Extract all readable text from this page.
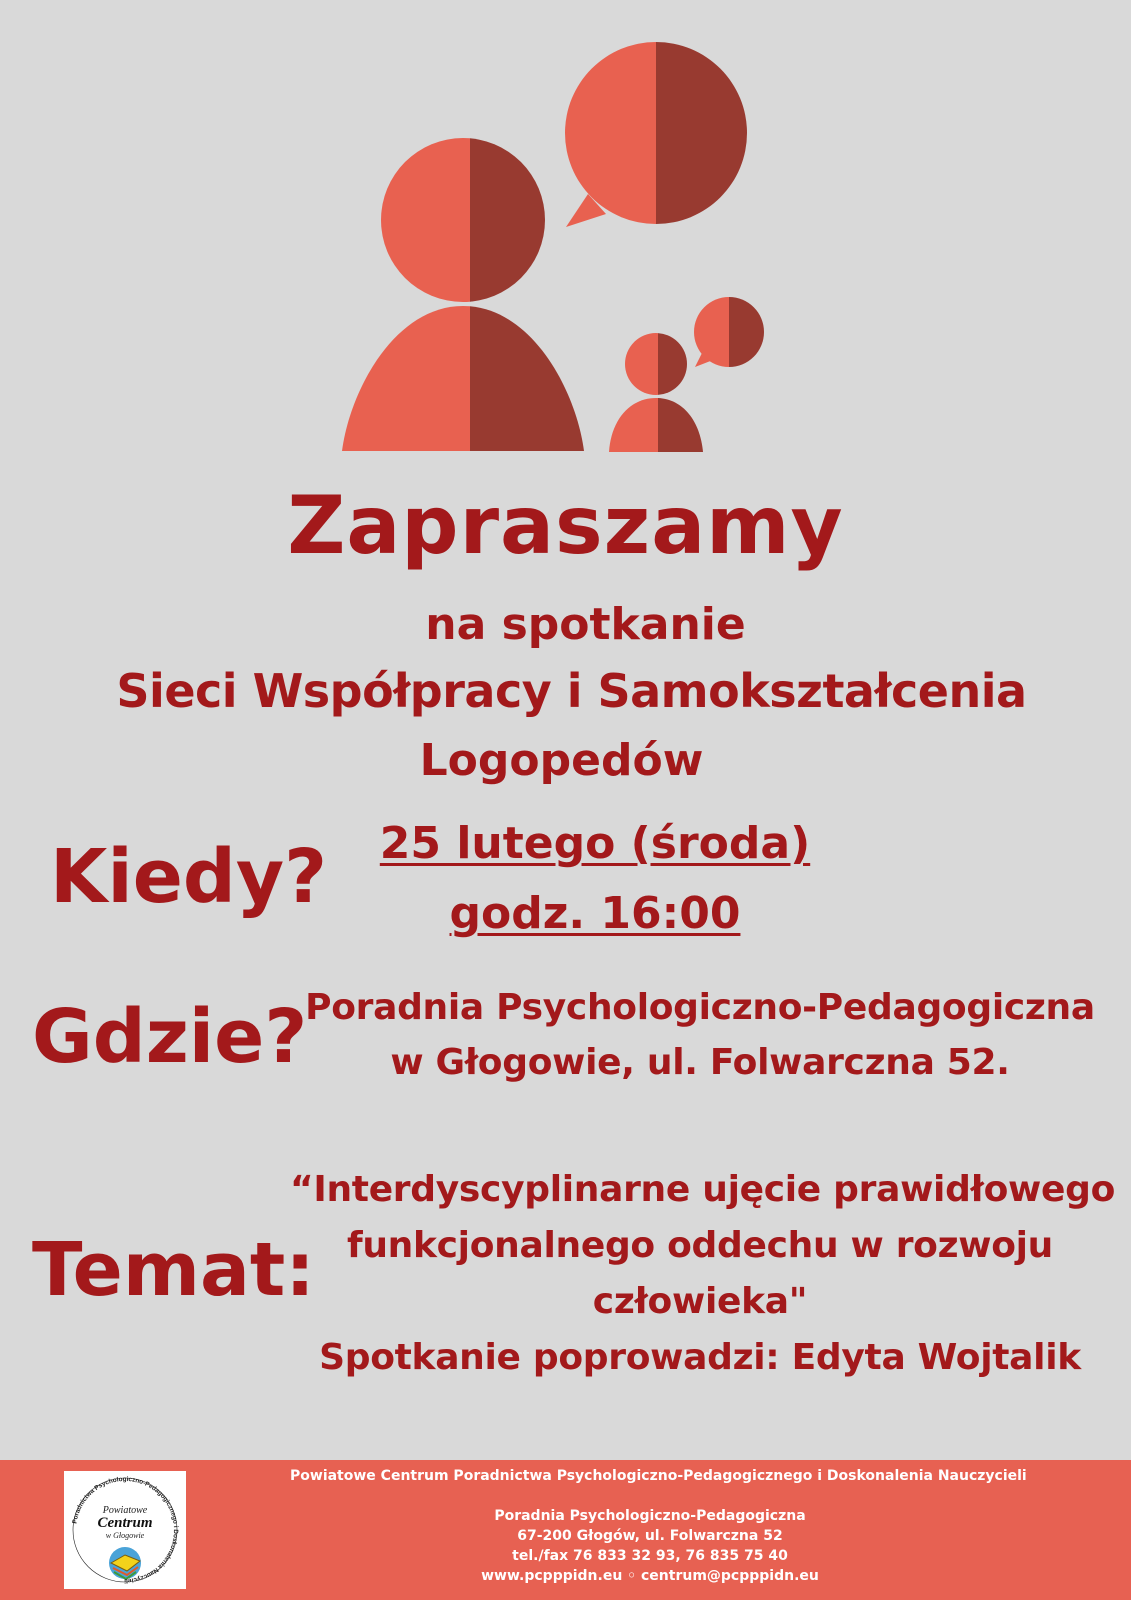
Zapraszamy
na spotkanie
Sieci Współpracy i Samokształcenia
Logopedów
Kiedy?	25 lutego (środa)
godz. 16:00
Gdzie?
Poradnia Psychologiczno-Pedagogiczna
w Głogowie, ul. Folwarczna 52.
Temat:
“Interdyscyplinarne ujęcie prawidłowego
funkcjonalnego oddechu w rozwoju
człowieka"
Spotkanie poprowadzi: Edyta Wojtalik
Powiatowe
Centrum
w Głogowie
Poradnictwa Psychologiczno-Pedagogicznego i Doskonalenia Nauczycieli
Powiatowe Centrum Poradnictwa Psychologiczno-Pedagogicznego i Doskonalenia Nauczycieli

Poradnia Psychologiczno-Pedagogiczna
67-200 Głogów, ul. Folwarczna 52
tel./fax 76 833 32 93, 76 835 75 40
www.pcpppidn.eu ◦ centrum@pcpppidn.eu
